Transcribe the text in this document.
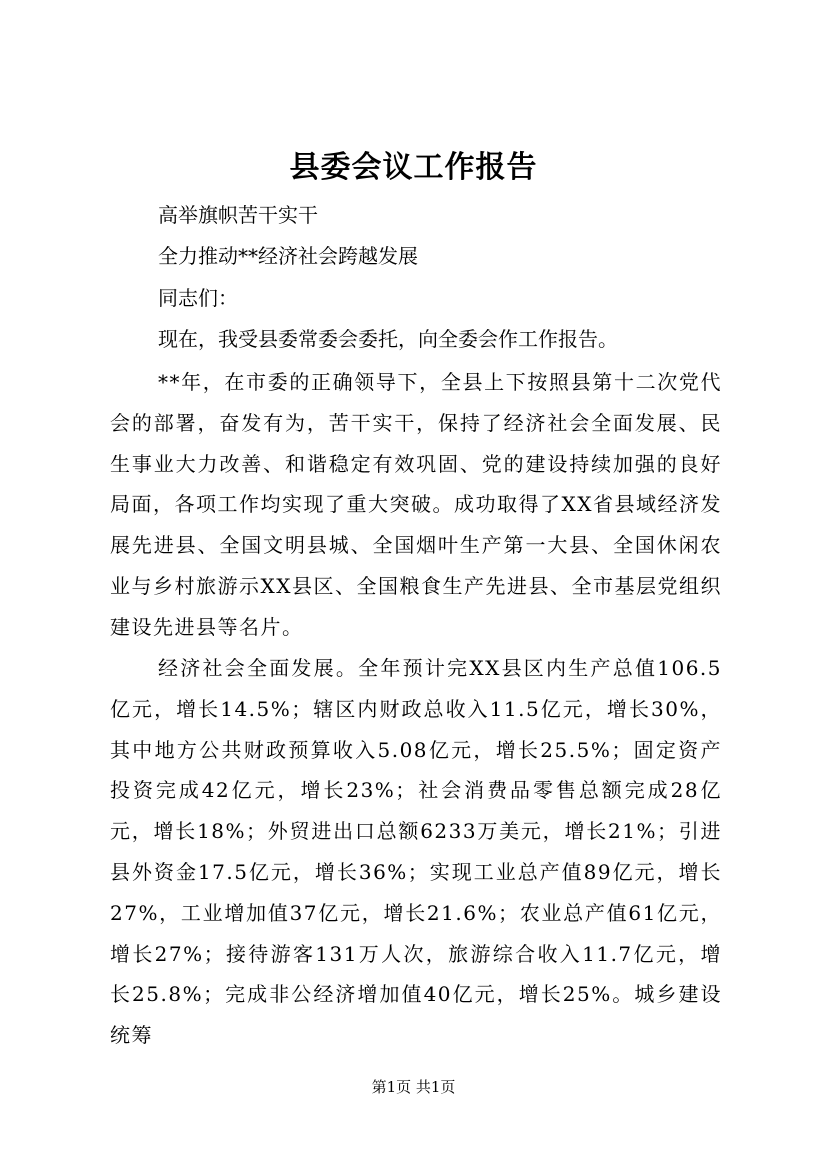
县委会议工作报告
高举旗帜苦干实干
全力推动**经济社会跨越发展
同志们：
现在，我受县委常委会委托，向全委会作工作报告。

**年，在市委的正确领导下，全县上下按照县第十二次党代会的部署，奋发有为，苦干实干，保持了经济社会全面发展、民生事业大力改善、和谐稳定有效巩固、党的建设持续加强的良好局面，各项工作均实现了重大突破。成功取得了XX省县域经济发展先进县、全国文明县城、全国烟叶生产第一大县、全国休闲农业与乡村旅游示XX县区、全国粮食生产先进县、全市基层党组织建设先进县等名片。

经济社会全面发展。全年预计完XX县区内生产总值106.5亿元，增长14.5%；辖区内财政总收入11.5亿元，增长30%，其中地方公共财政预算收入5.08亿元，增长25.5%；固定资产投资完成42亿元，增长23%；社会消费品零售总额完成28亿元，增长18%；外贸进出口总额6233万美元，增长21%；引进县外资金17.5亿元，增长36%；实现工业总产值89亿元，增长27%，工业增加值37亿元，增长21.6%；农业总产值61亿元，增长27%；接待游客131万人次，旅游综合收入11.7亿元，增长25.8%；完成非公经济增加值40亿元，增长25%。城乡建设统筹

第1页 共1页
